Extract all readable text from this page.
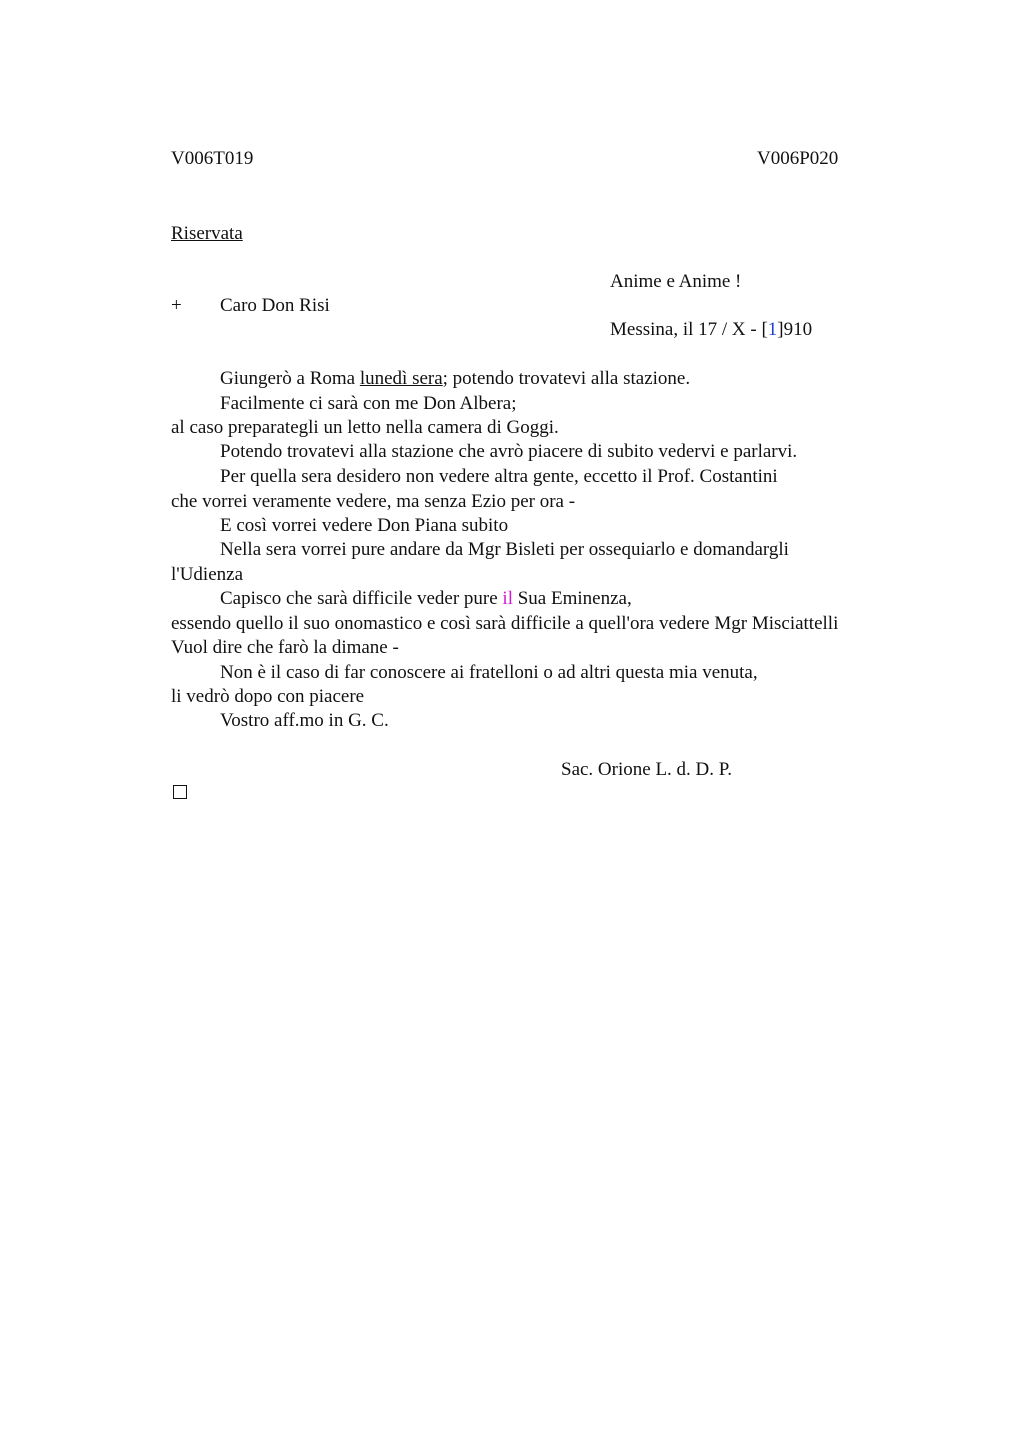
V006T019	V006P020
Riservata
Anime e Anime !
+ Caro Don Risi
Messina, il 17 / X - [1]910
Giungerò a Roma lunedì sera; potendo trovatevi alla stazione.
Facilmente ci sarà con me Don Albera;
al caso preparategli un letto nella camera di Goggi.
Potendo trovatevi alla stazione che avrò piacere di subito vedervi e parlarvi.
Per quella sera desidero non vedere altra gente, eccetto il Prof. Costantini
che vorrei veramente vedere, ma senza Ezio per ora -
E così vorrei vedere Don Piana subito
Nella sera vorrei pure andare da Mgr Bisleti per ossequiarlo e domandargli
l'Udienza
Capisco che sarà difficile veder pure il Sua Eminenza,
essendo quello il suo onomastico e così sarà difficile a quell'ora vedere Mgr Misciattelli
Vuol dire che farò la dimane -
Non è il caso di far conoscere ai fratelloni o ad altri questa mia venuta,
li vedrò dopo con piacere
Vostro aff.mo in G. C.
Sac. Orione L. d. D. P.
